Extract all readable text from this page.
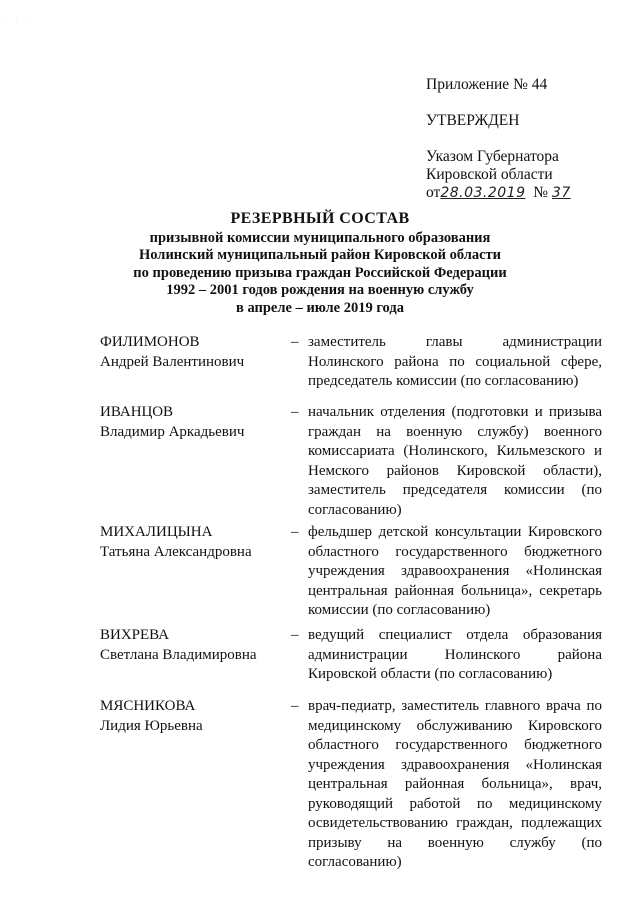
· · ·
Приложение № 44
УТВЕРЖДЕН
Указом Губернатора
Кировской области
от28.03.2019 № 37
РЕЗЕРВНЫЙ СОСТАВ
призывной комиссии муниципального образования
Нолинский муниципальный район Кировской области
по проведению призыва граждан Российской Федерации
1992 – 2001 годов рождения на военную службу
в апреле – июле 2019 года
ФИЛИМОНОВ
Андрей Валентинович
– заместитель главы администрации Нолинского района по социальной сфере, председатель комиссии (по согласованию)
ИВАНЦОВ
Владимир Аркадьевич
– начальник отделения (подготовки и призыва граждан на военную службу) военного комиссариата (Нолинского, Кильмезского и Немского районов Кировской области), заместитель председателя комиссии (по согласованию)
МИХАЛИЦЫНА
Татьяна Александровна
– фельдшер детской консультации Кировского областного государственного бюджетного учреждения здравоохранения «Нолинская центральная районная больница», секретарь комиссии (по согласованию)
ВИХРЕВА
Светлана Владимировна
– ведущий специалист отдела образования администрации Нолинского района Кировской области (по согласованию)
МЯСНИКОВА
Лидия Юрьевна
– врач-педиатр, заместитель главного врача по медицинскому обслуживанию Кировского областного государственного бюджетного учреждения здравоохранения «Нолинская центральная районная больница», врач, руководящий работой по медицинскому освидетельствованию граждан, подлежащих призыву на военную службу (по согласованию)
